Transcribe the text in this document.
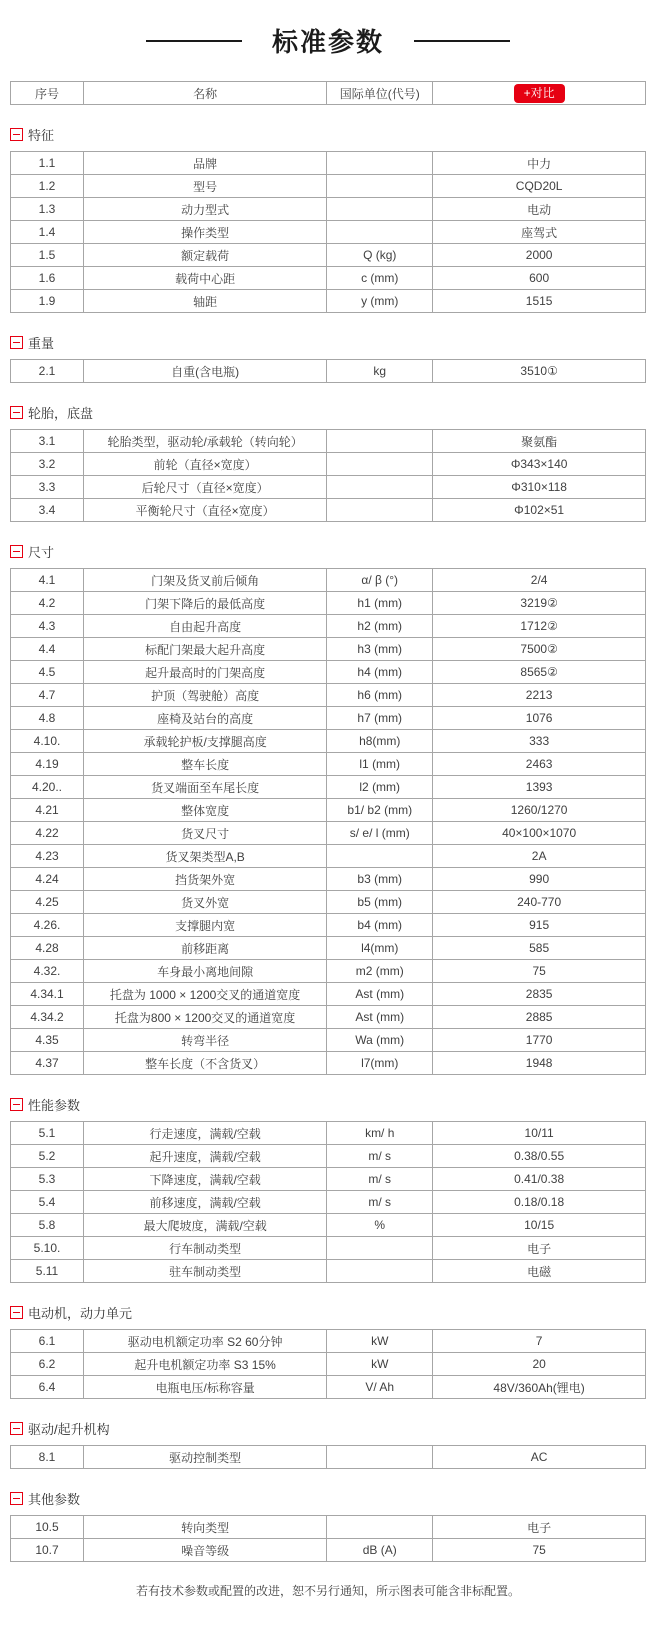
标准参数
序号	名称	国际单位(代号)	+对比
特征
1.1	品牌		中力
1.2	型号		CQD20L
1.3	动力型式		电动
1.4	操作类型		座驾式
1.5	额定载荷	Q (kg)	2000
1.6	载荷中心距	c (mm)	600
1.9	轴距	y (mm)	1515
重量
2.1	自重(含电瓶)	kg	3510①
轮胎，底盘
3.1	轮胎类型，驱动轮/承载轮（转向轮）		聚氨酯
3.2	前轮（直径×宽度）		Φ343×140
3.3	后轮尺寸（直径×宽度）		Φ310×118
3.4	平衡轮尺寸（直径×宽度）		Φ102×51
尺寸
4.1	门架及货叉前后倾角	α/ β (°)	2/4
4.2	门架下降后的最低高度	h1 (mm)	3219②
4.3	自由起升高度	h2 (mm)	1712②
4.4	标配门架最大起升高度	h3 (mm)	7500②
4.5	起升最高时的门架高度	h4 (mm)	8565②
4.7	护顶（驾驶舱）高度	h6 (mm)	2213
4.8	座椅及站台的高度	h7 (mm)	1076
4.10.	承载轮护板/支撑腿高度	h8(mm)	333
4.19	整车长度	l1 (mm)	2463
4.20..	货叉端面至车尾长度	l2 (mm)	1393
4.21	整体宽度	b1/ b2 (mm)	1260/1270
4.22	货叉尺寸	s/ e/ l (mm)	40×100×1070
4.23	货叉架类型A,B		2A
4.24	挡货架外宽	b3 (mm)	990
4.25	货叉外宽	b5 (mm)	240-770
4.26.	支撑腿内宽	b4 (mm)	915
4.28	前移距离	l4(mm)	585
4.32.	车身最小离地间隙	m2 (mm)	75
4.34.1	托盘为 1000 × 1200交叉的通道宽度	Ast (mm)	2835
4.34.2	托盘为800 × 1200交叉的通道宽度	Ast (mm)	2885
4.35	转弯半径	Wa (mm)	1770
4.37	整车长度（不含货叉）	l7(mm)	1948
性能参数
5.1	行走速度，满载/空载	km/ h	10/11
5.2	起升速度，满载/空载	m/ s	0.38/0.55
5.3	下降速度，满载/空载	m/ s	0.41/0.38
5.4	前移速度，满载/空载	m/ s	0.18/0.18
5.8	最大爬坡度，满载/空载	%	10/15
5.10.	行车制动类型		电子
5.11	驻车制动类型		电磁
电动机，动力单元
6.1	驱动电机额定功率 S2 60分钟	kW	7
6.2	起升电机额定功率 S3 15%	kW	20
6.4	电瓶电压/标称容量	V/ Ah	48V/360Ah(锂电)
驱动/起升机构
8.1	驱动控制类型		AC
其他参数
10.5	转向类型		电子
10.7	噪音等级	dB (A)	75
若有技术参数或配置的改进，恕不另行通知，所示图表可能含非标配置。
